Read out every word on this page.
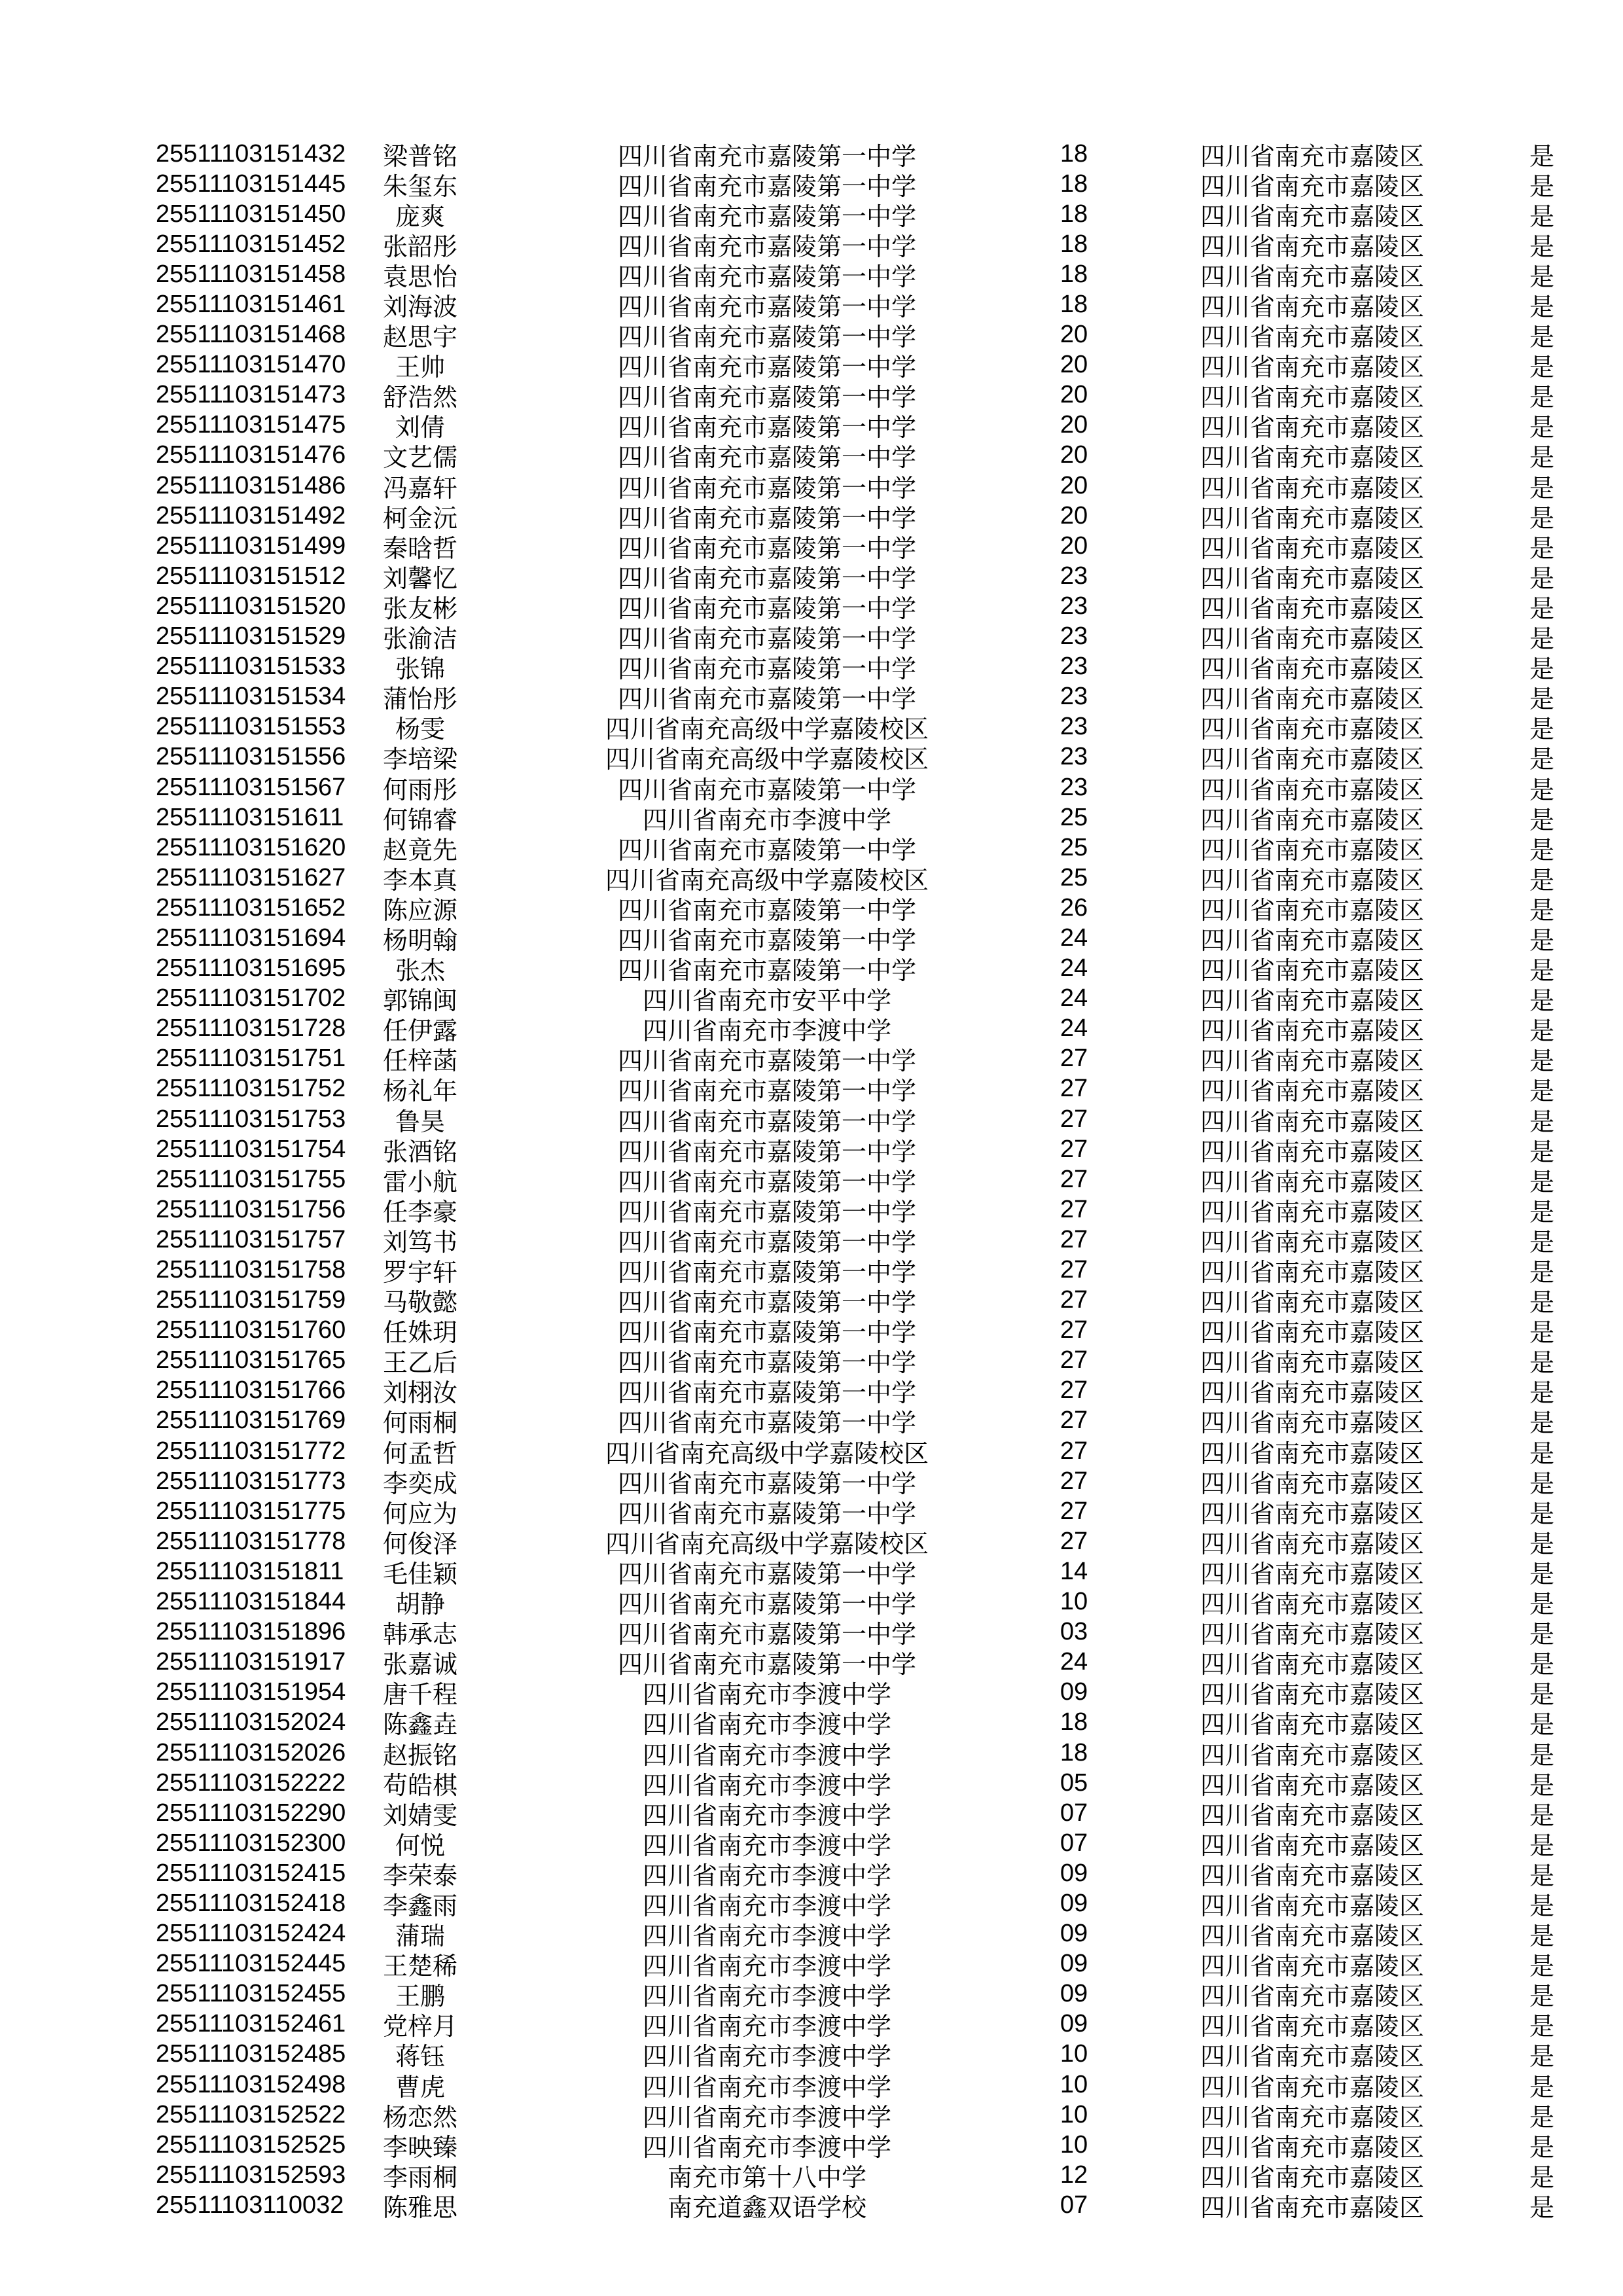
25511103151432	梁普铭	四川省南充市嘉陵第一中学	18	四川省南充市嘉陵区	是
25511103151445	朱玺东	四川省南充市嘉陵第一中学	18	四川省南充市嘉陵区	是
25511103151450	庞爽	四川省南充市嘉陵第一中学	18	四川省南充市嘉陵区	是
25511103151452	张韶彤	四川省南充市嘉陵第一中学	18	四川省南充市嘉陵区	是
25511103151458	袁思怡	四川省南充市嘉陵第一中学	18	四川省南充市嘉陵区	是
25511103151461	刘海波	四川省南充市嘉陵第一中学	18	四川省南充市嘉陵区	是
25511103151468	赵思宇	四川省南充市嘉陵第一中学	20	四川省南充市嘉陵区	是
25511103151470	王帅	四川省南充市嘉陵第一中学	20	四川省南充市嘉陵区	是
25511103151473	舒浩然	四川省南充市嘉陵第一中学	20	四川省南充市嘉陵区	是
25511103151475	刘倩	四川省南充市嘉陵第一中学	20	四川省南充市嘉陵区	是
25511103151476	文艺儒	四川省南充市嘉陵第一中学	20	四川省南充市嘉陵区	是
25511103151486	冯嘉轩	四川省南充市嘉陵第一中学	20	四川省南充市嘉陵区	是
25511103151492	柯金沅	四川省南充市嘉陵第一中学	20	四川省南充市嘉陵区	是
25511103151499	秦晗哲	四川省南充市嘉陵第一中学	20	四川省南充市嘉陵区	是
25511103151512	刘馨忆	四川省南充市嘉陵第一中学	23	四川省南充市嘉陵区	是
25511103151520	张友彬	四川省南充市嘉陵第一中学	23	四川省南充市嘉陵区	是
25511103151529	张渝洁	四川省南充市嘉陵第一中学	23	四川省南充市嘉陵区	是
25511103151533	张锦	四川省南充市嘉陵第一中学	23	四川省南充市嘉陵区	是
25511103151534	蒲怡彤	四川省南充市嘉陵第一中学	23	四川省南充市嘉陵区	是
25511103151553	杨雯	四川省南充高级中学嘉陵校区	23	四川省南充市嘉陵区	是
25511103151556	李培梁	四川省南充高级中学嘉陵校区	23	四川省南充市嘉陵区	是
25511103151567	何雨彤	四川省南充市嘉陵第一中学	23	四川省南充市嘉陵区	是
25511103151611	何锦睿	四川省南充市李渡中学	25	四川省南充市嘉陵区	是
25511103151620	赵竟先	四川省南充市嘉陵第一中学	25	四川省南充市嘉陵区	是
25511103151627	李本真	四川省南充高级中学嘉陵校区	25	四川省南充市嘉陵区	是
25511103151652	陈应源	四川省南充市嘉陵第一中学	26	四川省南充市嘉陵区	是
25511103151694	杨明翰	四川省南充市嘉陵第一中学	24	四川省南充市嘉陵区	是
25511103151695	张杰	四川省南充市嘉陵第一中学	24	四川省南充市嘉陵区	是
25511103151702	郭锦闽	四川省南充市安平中学	24	四川省南充市嘉陵区	是
25511103151728	任伊露	四川省南充市李渡中学	24	四川省南充市嘉陵区	是
25511103151751	任梓菡	四川省南充市嘉陵第一中学	27	四川省南充市嘉陵区	是
25511103151752	杨礼年	四川省南充市嘉陵第一中学	27	四川省南充市嘉陵区	是
25511103151753	鲁昊	四川省南充市嘉陵第一中学	27	四川省南充市嘉陵区	是
25511103151754	张酒铭	四川省南充市嘉陵第一中学	27	四川省南充市嘉陵区	是
25511103151755	雷小航	四川省南充市嘉陵第一中学	27	四川省南充市嘉陵区	是
25511103151756	任李豪	四川省南充市嘉陵第一中学	27	四川省南充市嘉陵区	是
25511103151757	刘笃书	四川省南充市嘉陵第一中学	27	四川省南充市嘉陵区	是
25511103151758	罗宇轩	四川省南充市嘉陵第一中学	27	四川省南充市嘉陵区	是
25511103151759	马敬懿	四川省南充市嘉陵第一中学	27	四川省南充市嘉陵区	是
25511103151760	任姝玥	四川省南充市嘉陵第一中学	27	四川省南充市嘉陵区	是
25511103151765	王乙后	四川省南充市嘉陵第一中学	27	四川省南充市嘉陵区	是
25511103151766	刘栩汝	四川省南充市嘉陵第一中学	27	四川省南充市嘉陵区	是
25511103151769	何雨桐	四川省南充市嘉陵第一中学	27	四川省南充市嘉陵区	是
25511103151772	何孟哲	四川省南充高级中学嘉陵校区	27	四川省南充市嘉陵区	是
25511103151773	李奕成	四川省南充市嘉陵第一中学	27	四川省南充市嘉陵区	是
25511103151775	何应为	四川省南充市嘉陵第一中学	27	四川省南充市嘉陵区	是
25511103151778	何俊泽	四川省南充高级中学嘉陵校区	27	四川省南充市嘉陵区	是
25511103151811	毛佳颖	四川省南充市嘉陵第一中学	14	四川省南充市嘉陵区	是
25511103151844	胡静	四川省南充市嘉陵第一中学	10	四川省南充市嘉陵区	是
25511103151896	韩承志	四川省南充市嘉陵第一中学	03	四川省南充市嘉陵区	是
25511103151917	张嘉诚	四川省南充市嘉陵第一中学	24	四川省南充市嘉陵区	是
25511103151954	唐千程	四川省南充市李渡中学	09	四川省南充市嘉陵区	是
25511103152024	陈鑫垚	四川省南充市李渡中学	18	四川省南充市嘉陵区	是
25511103152026	赵振铭	四川省南充市李渡中学	18	四川省南充市嘉陵区	是
25511103152222	苟皓棋	四川省南充市李渡中学	05	四川省南充市嘉陵区	是
25511103152290	刘婧雯	四川省南充市李渡中学	07	四川省南充市嘉陵区	是
25511103152300	何悦	四川省南充市李渡中学	07	四川省南充市嘉陵区	是
25511103152415	李荣泰	四川省南充市李渡中学	09	四川省南充市嘉陵区	是
25511103152418	李鑫雨	四川省南充市李渡中学	09	四川省南充市嘉陵区	是
25511103152424	蒲瑞	四川省南充市李渡中学	09	四川省南充市嘉陵区	是
25511103152445	王楚稀	四川省南充市李渡中学	09	四川省南充市嘉陵区	是
25511103152455	王鹏	四川省南充市李渡中学	09	四川省南充市嘉陵区	是
25511103152461	党梓月	四川省南充市李渡中学	09	四川省南充市嘉陵区	是
25511103152485	蒋钰	四川省南充市李渡中学	10	四川省南充市嘉陵区	是
25511103152498	曹虎	四川省南充市李渡中学	10	四川省南充市嘉陵区	是
25511103152522	杨恋然	四川省南充市李渡中学	10	四川省南充市嘉陵区	是
25511103152525	李映臻	四川省南充市李渡中学	10	四川省南充市嘉陵区	是
25511103152593	李雨桐	南充市第十八中学	12	四川省南充市嘉陵区	是
25511103110032	陈雅思	南充道鑫双语学校	07	四川省南充市嘉陵区	是
